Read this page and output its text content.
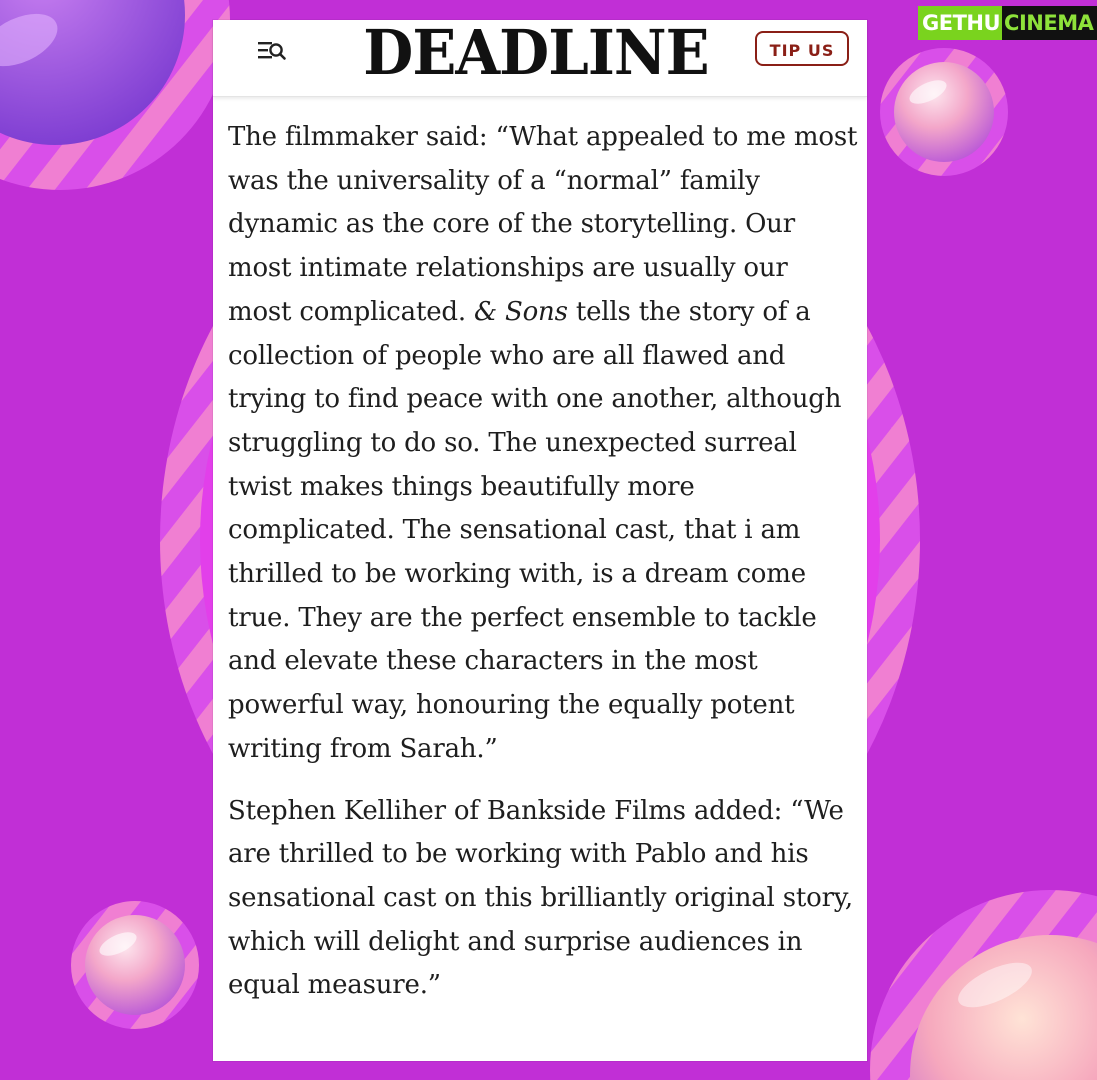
GETHU CINEMA
DEADLINE	TIP US

The filmmaker said: “What appealed to me most was the universality of a “normal” family dynamic as the core of the storytelling. Our most intimate relationships are usually our most complicated. & Sons tells the story of a collection of people who are all flawed and trying to find peace with one another, although struggling to do so. The unexpected surreal twist makes things beautifully more complicated. The sensational cast, that i am thrilled to be working with, is a dream come true. They are the perfect ensemble to tackle and elevate these characters in the most powerful way, honouring the equally potent writing from Sarah.”

Stephen Kelliher of Bankside Films added: “We are thrilled to be working with Pablo and his sensational cast on this brilliantly original story, which will delight and surprise audiences in equal measure.”
